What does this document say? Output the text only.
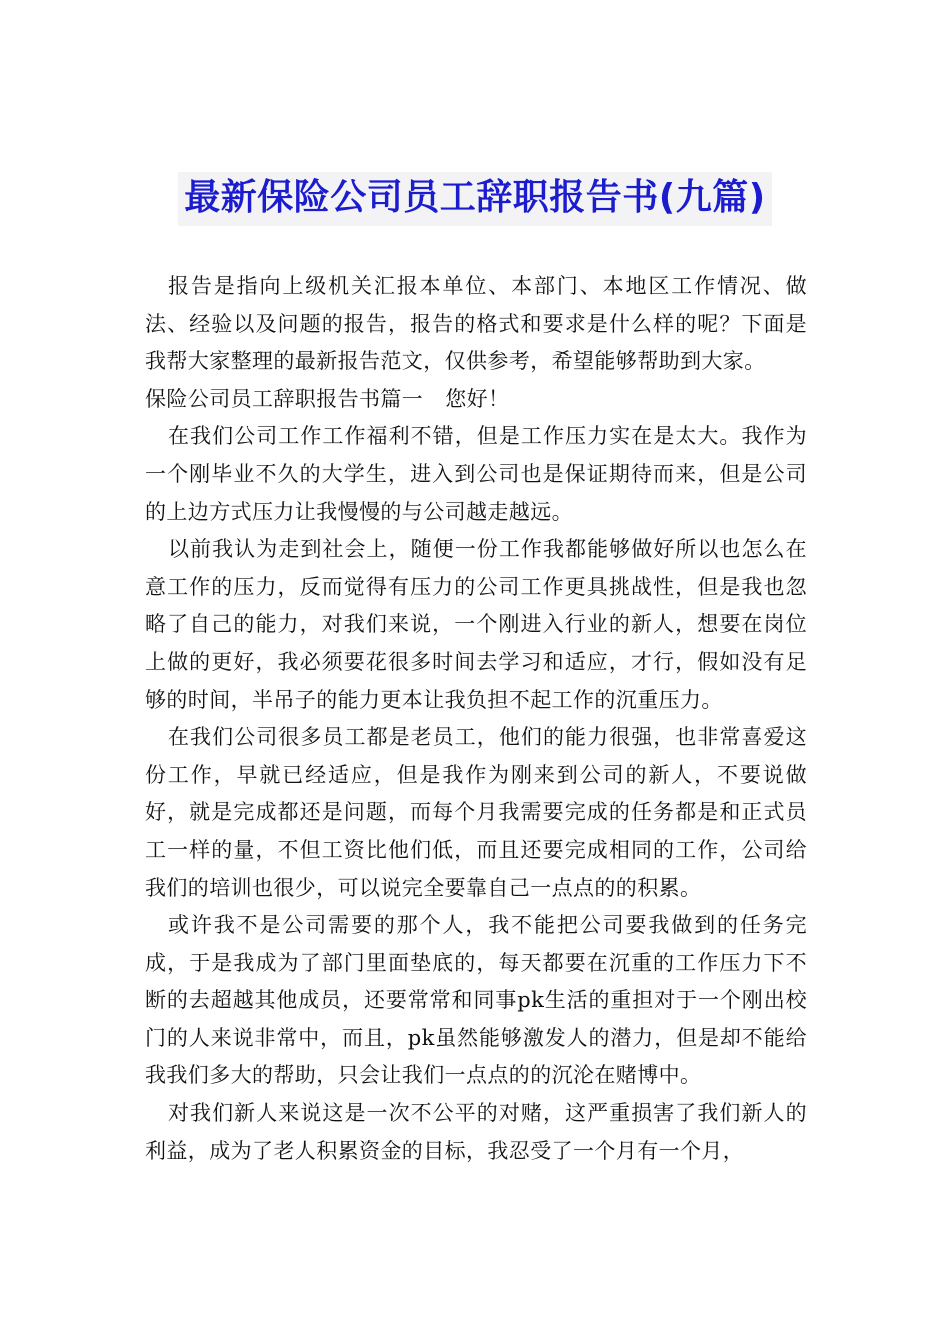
最新保险公司员工辞职报告书(九篇)

报告是指向上级机关汇报本单位、本部门、本地区工作情况、做法、经验以及问题的报告，报告的格式和要求是什么样的呢？下面是我帮大家整理的最新报告范文，仅供参考，希望能够帮助到大家。

保险公司员工辞职报告书篇一 您好！

在我们公司工作工作福利不错，但是工作压力实在是太大。我作为一个刚毕业不久的大学生，进入到公司也是保证期待而来，但是公司的上边方式压力让我慢慢的与公司越走越远。

以前我认为走到社会上，随便一份工作我都能够做好所以也怎么在意工作的压力，反而觉得有压力的公司工作更具挑战性，但是我也忽略了自己的能力，对我们来说，一个刚进入行业的新人，想要在岗位上做的更好，我必须要花很多时间去学习和适应，才行，假如没有足够的时间，半吊子的能力更本让我负担不起工作的沉重压力。

在我们公司很多员工都是老员工，他们的能力很强，也非常喜爱这份工作，早就已经适应，但是我作为刚来到公司的新人，不要说做好，就是完成都还是问题，而每个月我需要完成的任务都是和正式员工一样的量，不但工资比他们低，而且还要完成相同的工作，公司给我们的培训也很少，可以说完全要靠自己一点点的的积累。

或许我不是公司需要的那个人，我不能把公司要我做到的任务完成，于是我成为了部门里面垫底的，每天都要在沉重的工作压力下不断的去超越其他成员，还要常常和同事pk生活的重担对于一个刚出校门的人来说非常中，而且，pk虽然能够激发人的潜力，但是却不能给我我们多大的帮助，只会让我们一点点的的沉沦在赌博中。

对我们新人来说这是一次不公平的对赌，这严重损害了我们新人的利益，成为了老人积累资金的目标，我忍受了一个月有一个月，
